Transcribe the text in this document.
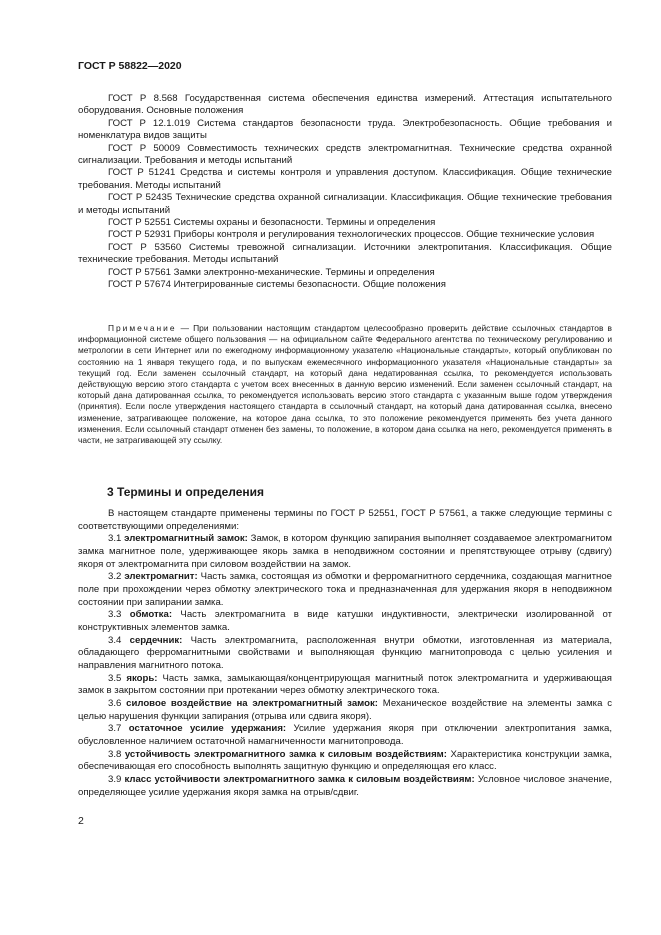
ГОСТ Р 58822—2020

ГОСТ Р 8.568 Государственная система обеспечения единства измерений. Аттестация испытательного оборудования. Основные положения

ГОСТ Р 12.1.019 Система стандартов безопасности труда. Электробезопасность. Общие требования и номенклатура видов защиты

ГОСТ Р 50009 Совместимость технических средств электромагнитная. Технические средства охранной сигнализации. Требования и методы испытаний

ГОСТ Р 51241 Средства и системы контроля и управления доступом. Классификация. Общие технические требования. Методы испытаний

ГОСТ Р 52435 Технические средства охранной сигнализации. Классификация. Общие технические требования и методы испытаний

ГОСТ Р 52551 Системы охраны и безопасности. Термины и определения

ГОСТ Р 52931 Приборы контроля и регулирования технологических процессов. Общие технические условия

ГОСТ Р 53560 Системы тревожной сигнализации. Источники электропитания. Классификация. Общие технические требования. Методы испытаний

ГОСТ Р 57561 Замки электронно-механические. Термины и определения

ГОСТ Р 57674 Интегрированные системы безопасности. Общие положения

Примечание — При пользовании настоящим стандартом целесообразно проверить действие ссылочных стандартов в информационной системе общего пользования — на официальном сайте Федерального агентства по техническому регулированию и метрологии в сети Интернет или по ежегодному информационному указателю «Национальные стандарты», который опубликован по состоянию на 1 января текущего года, и по выпускам ежемесячного информационного указателя «Национальные стандарты» за текущий год. Если заменен ссылочный стандарт, на который дана недатированная ссылка, то рекомендуется использовать действующую версию этого стандарта с учетом всех внесенных в данную версию изменений. Если заменен ссылочный стандарт, на который дана датированная ссылка, то рекомендуется использовать версию этого стандарта с указанным выше годом утверждения (принятия). Если после утверждения настоящего стандарта в ссылочный стандарт, на который дана датированная ссылка, внесено изменение, затрагивающее положение, на которое дана ссылка, то это положение рекомендуется применять без учета данного изменения. Если ссылочный стандарт отменен без замены, то положение, в котором дана ссылка на него, рекомендуется применять в части, не затрагивающей эту ссылку.

3 Термины и определения

В настоящем стандарте применены термины по ГОСТ Р 52551, ГОСТ Р 57561, а также следующие термины с соответствующими определениями:

3.1 электромагнитный замок: Замок, в котором функцию запирания выполняет создаваемое электромагнитом замка магнитное поле, удерживающее якорь замка в неподвижном состоянии и препятствующее отрыву (сдвигу) якоря от электромагнита при силовом воздействии на замок.

3.2 электромагнит: Часть замка, состоящая из обмотки и ферромагнитного сердечника, создающая магнитное поле при прохождении через обмотку электрического тока и предназначенная для удержания якоря в неподвижном состоянии при запирании замка.

3.3 обмотка: Часть электромагнита в виде катушки индуктивности, электрически изолированной от конструктивных элементов замка.

3.4 сердечник: Часть электромагнита, расположенная внутри обмотки, изготовленная из материала, обладающего ферромагнитными свойствами и выполняющая функцию магнитопровода с целью усиления и направления магнитного потока.

3.5 якорь: Часть замка, замыкающая/концентрирующая магнитный поток электромагнита и удерживающая замок в закрытом состоянии при протекании через обмотку электрического тока.

3.6 силовое воздействие на электромагнитный замок: Механическое воздействие на элементы замка с целью нарушения функции запирания (отрыва или сдвига якоря).

3.7 остаточное усилие удержания: Усилие удержания якоря при отключении электропитания замка, обусловленное наличием остаточной намагниченности магнитопровода.

3.8 устойчивость электромагнитного замка к силовым воздействиям: Характеристика конструкции замка, обеспечивающая его способность выполнять защитную функцию и определяющая его класс.

3.9 класс устойчивости электромагнитного замка к силовым воздействиям: Условное числовое значение, определяющее усилие удержания якоря замка на отрыв/сдвиг.

2
